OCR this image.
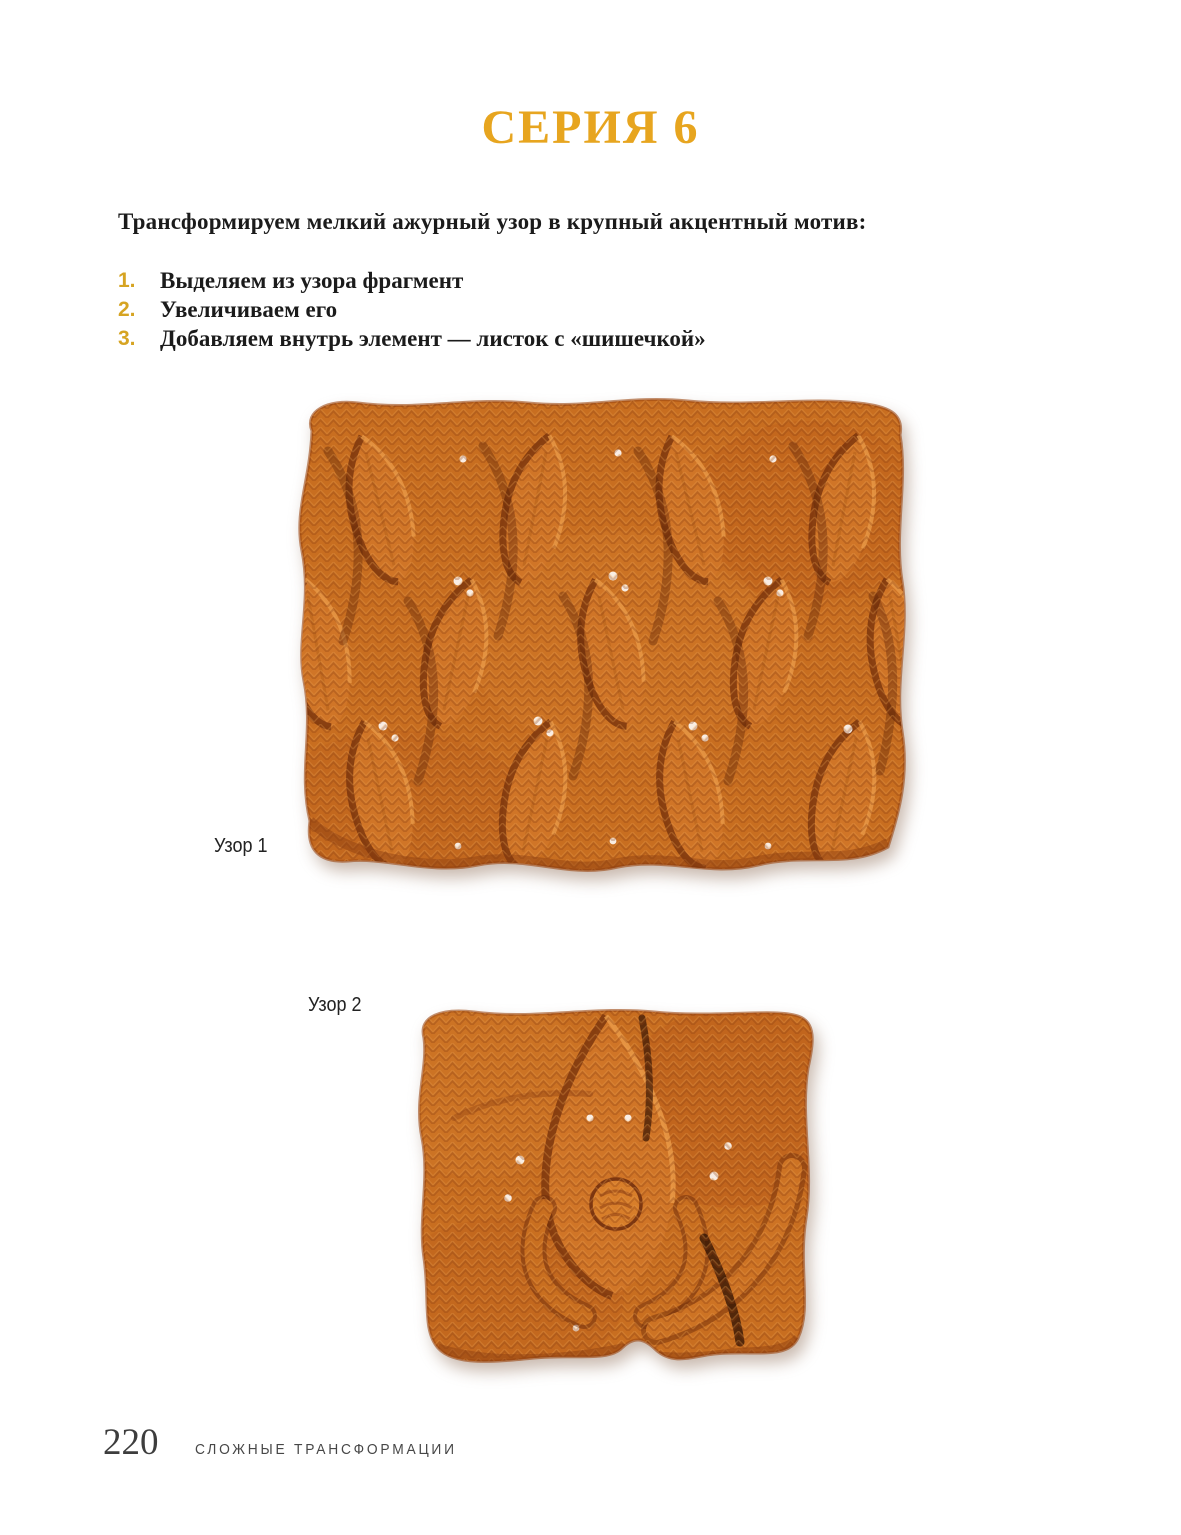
СЕРИЯ 6
Трансформируем мелкий ажурный узор в крупный акцентный мотив:
1.	Выделяем из узора фрагмент
2.	Увеличиваем его
3.	Добавляем внутрь элемент — листок с «шишечкой»
Узор 1
Узор 2
220 СЛОЖНЫЕ ТРАНСФОРМАЦИИ
